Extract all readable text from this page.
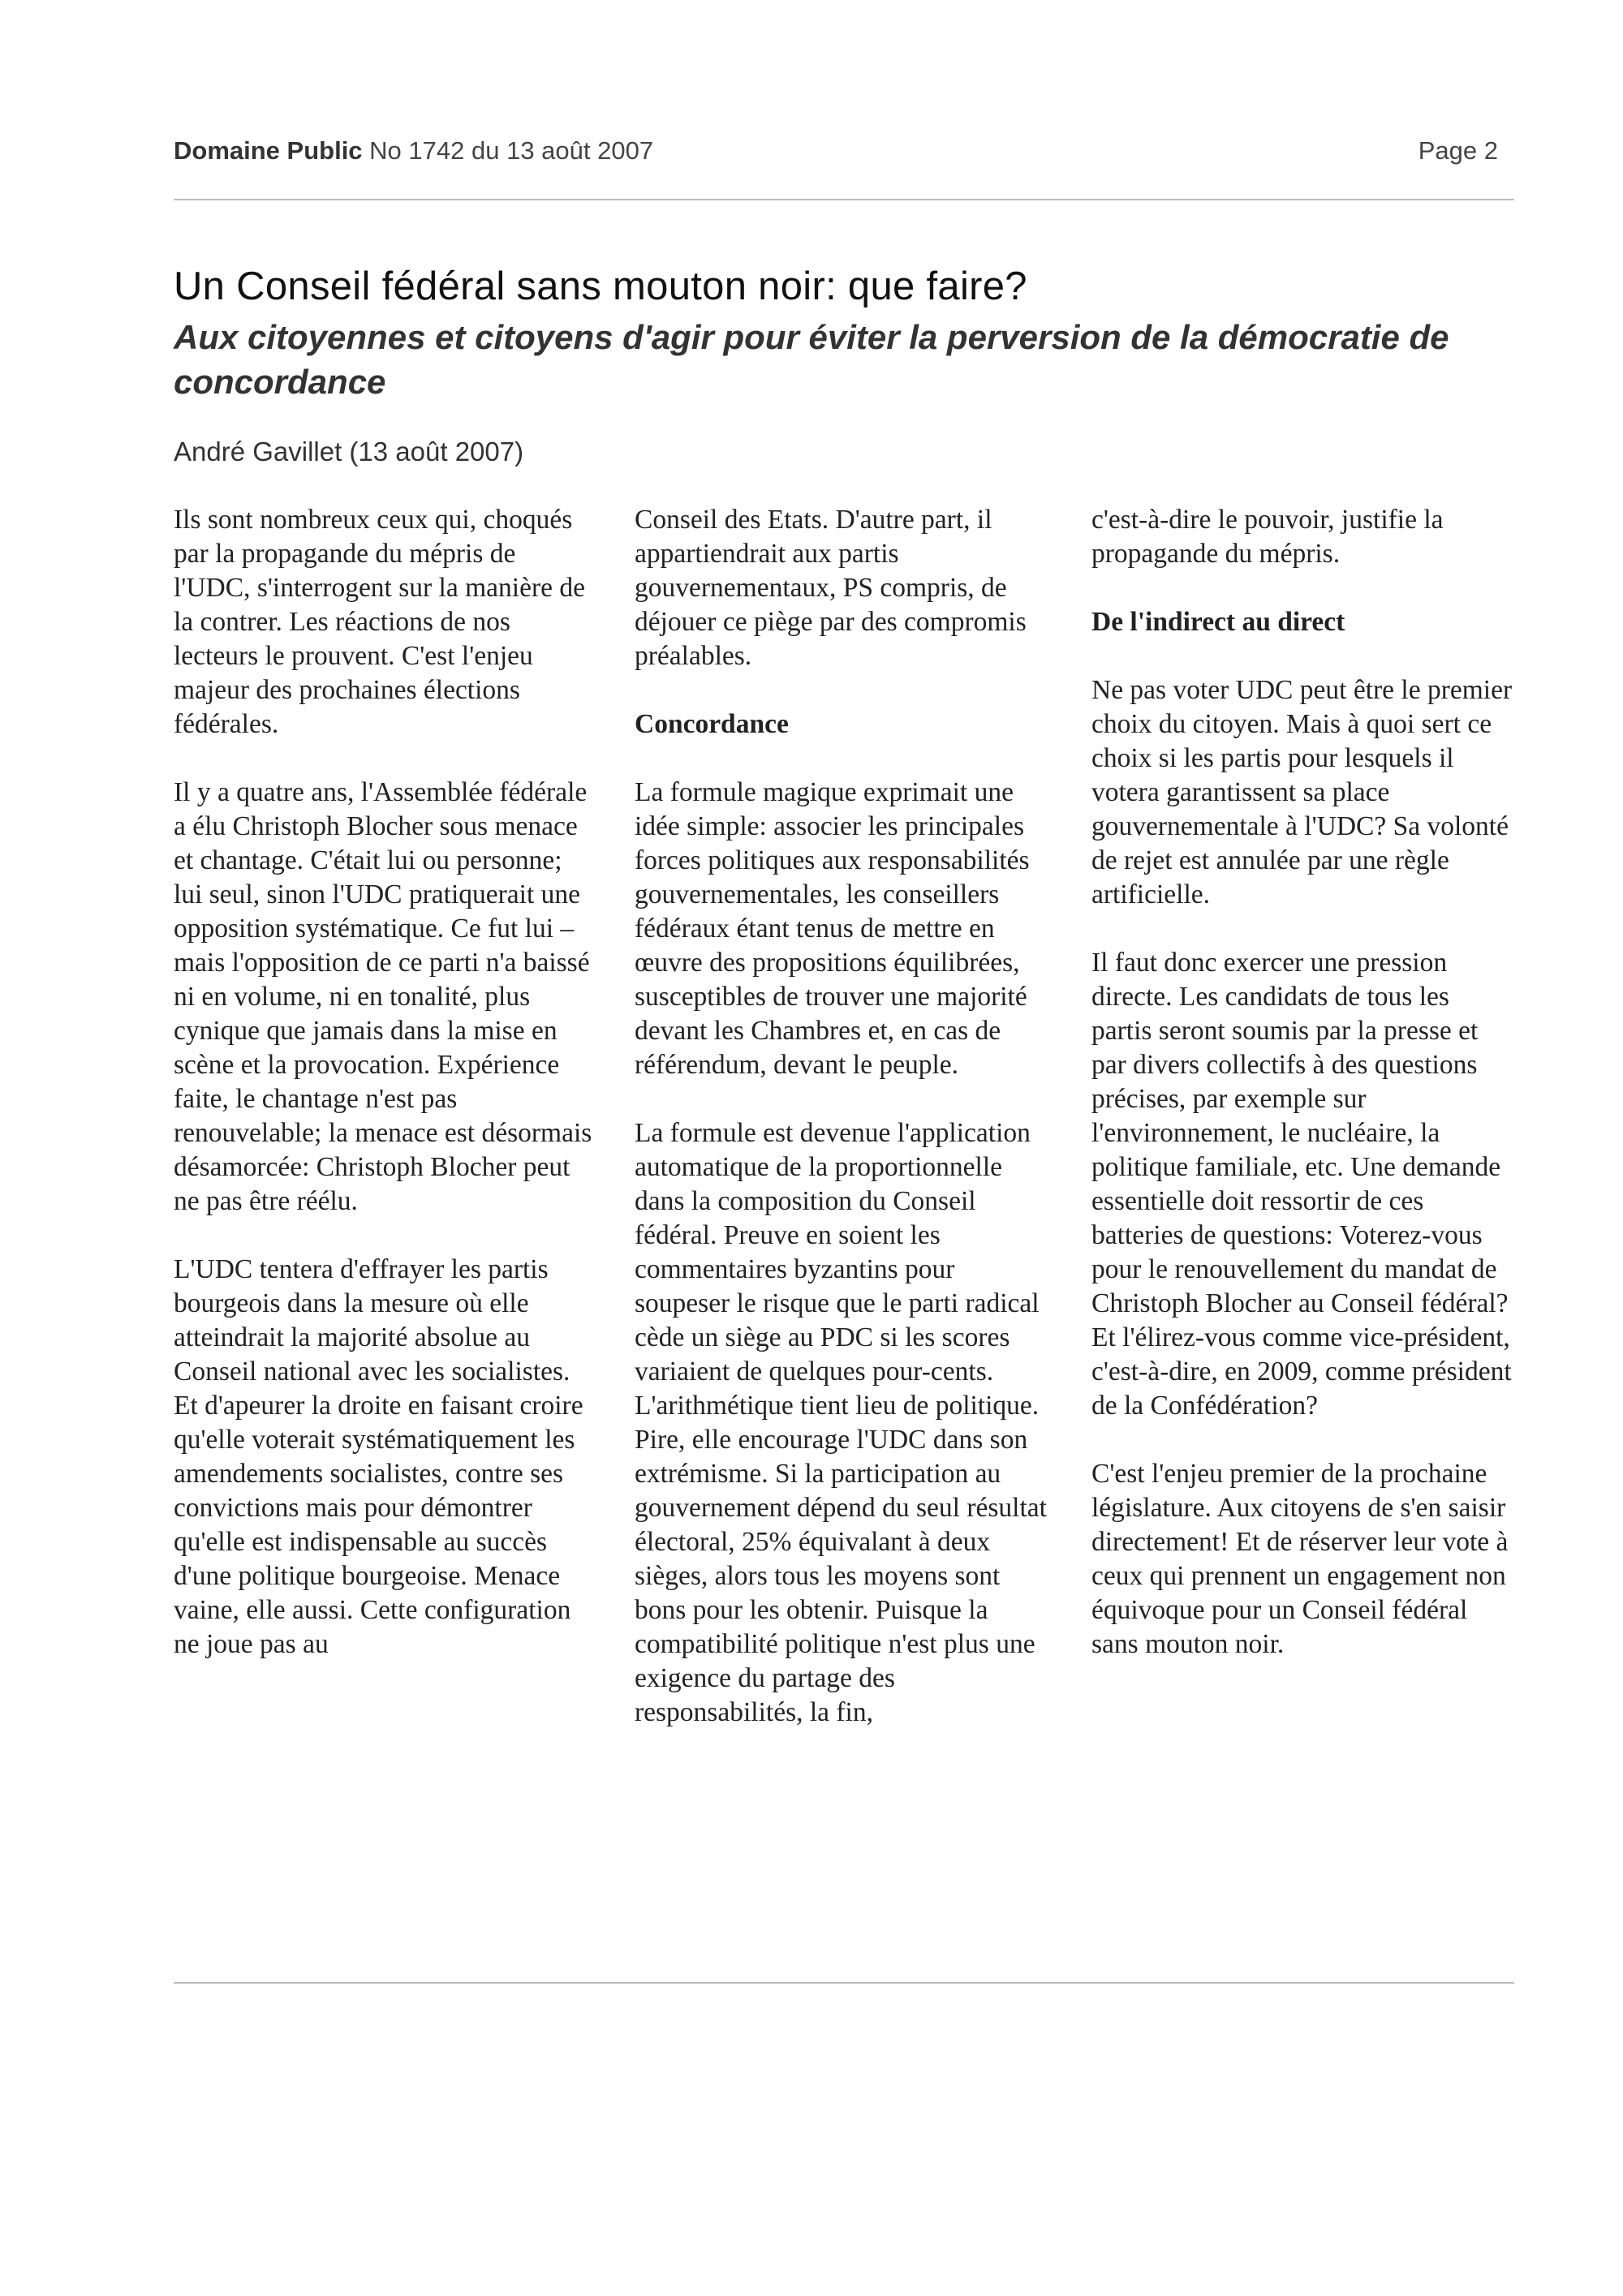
Domaine Public No 1742 du 13 août 2007	Page 2
Un Conseil fédéral sans mouton noir: que faire?
Aux citoyennes et citoyens d'agir pour éviter la perversion de la démocratie de concordance
André Gavillet (13 août 2007)

Ils sont nombreux ceux qui, choqués par la propagande du mépris de l'UDC, s'interrogent sur la manière de la contrer. Les réactions de nos lecteurs le prouvent. C'est l'enjeu majeur des prochaines élections fédérales.

Il y a quatre ans, l'Assemblée fédérale a élu Christoph Blocher sous menace et chantage. C'était lui ou personne; lui seul, sinon l'UDC pratiquerait une opposition systématique. Ce fut lui – mais l'opposition de ce parti n'a baissé ni en volume, ni en tonalité, plus cynique que jamais dans la mise en scène et la provocation. Expérience faite, le chantage n'est pas renouvelable; la menace est désormais désamorcée: Christoph Blocher peut ne pas être réélu.

L'UDC tentera d'effrayer les partis bourgeois dans la mesure où elle atteindrait la majorité absolue au Conseil national avec les socialistes. Et d'apeurer la droite en faisant croire qu'elle voterait systématiquement les amendements socialistes, contre ses convictions mais pour démontrer qu'elle est indispensable au succès d'une politique bourgeoise. Menace vaine, elle aussi. Cette configuration ne joue pas au

Conseil des Etats. D'autre part, il appartiendrait aux partis gouvernementaux, PS compris, de déjouer ce piège par des compromis préalables.

Concordance

La formule magique exprimait une idée simple: associer les principales forces politiques aux responsabilités gouvernementales, les conseillers fédéraux étant tenus de mettre en œuvre des propositions équilibrées, susceptibles de trouver une majorité devant les Chambres et, en cas de référendum, devant le peuple.

La formule est devenue l'application automatique de la proportionnelle dans la composition du Conseil fédéral. Preuve en soient les commentaires byzantins pour soupeser le risque que le parti radical cède un siège au PDC si les scores variaient de quelques pour-cents. L'arithmétique tient lieu de politique. Pire, elle encourage l'UDC dans son extrémisme. Si la participation au gouvernement dépend du seul résultat électoral, 25% équivalant à deux sièges, alors tous les moyens sont bons pour les obtenir. Puisque la compatibilité politique n'est plus une exigence du partage des responsabilités, la fin,

c'est-à-dire le pouvoir, justifie la propagande du mépris.

De l'indirect au direct

Ne pas voter UDC peut être le premier choix du citoyen. Mais à quoi sert ce choix si les partis pour lesquels il votera garantissent sa place gouvernementale à l'UDC? Sa volonté de rejet est annulée par une règle artificielle.

Il faut donc exercer une pression directe. Les candidats de tous les partis seront soumis par la presse et par divers collectifs à des questions précises, par exemple sur l'environnement, le nucléaire, la politique familiale, etc. Une demande essentielle doit ressortir de ces batteries de questions: Voterez-vous pour le renouvellement du mandat de Christoph Blocher au Conseil fédéral? Et l'élirez-vous comme vice-président, c'est-à-dire, en 2009, comme président de la Confédération?

C'est l'enjeu premier de la prochaine législature. Aux citoyens de s'en saisir directement! Et de réserver leur vote à ceux qui prennent un engagement non équivoque pour un Conseil fédéral sans mouton noir.
